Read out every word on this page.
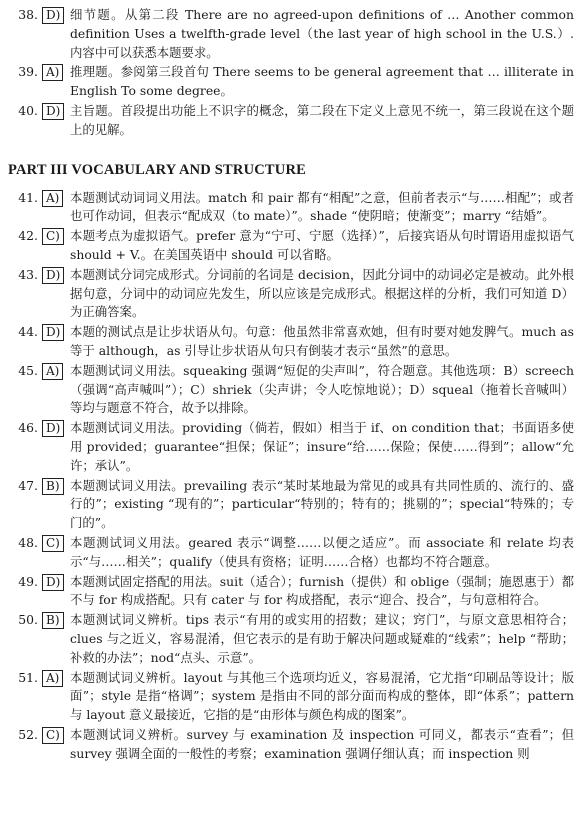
38. D) 细节题。从第二段 There are no agreed-upon definitions of … Another common definition Uses a twelfth-grade level（the last year of high school in the U.S.）.内容中可以获悉本题要求。
39. A) 推理题。参阅第三段首句 There seems to be general agreement that … illiterate in English To some degree。
40. D) 主旨题。首段提出功能上不识字的概念，第二段在下定义上意见不统一，第三段说在这个题上的见解。
PART III VOCABULARY AND STRUCTURE
41. A) 本题测试动词词义用法。match 和 pair 都有“相配”之意，但前者表示“与……相配”；或者也可作动词，但表示“配成双（to mate）”。shade “使阴暗；使渐变”；marry “结婚”。
42. C) 本题考点为虚拟语气。prefer 意为“宁可、宁愿（选择）”，后接宾语从句时谓语用虚拟语气 should + V.。在美国英语中 should 可以省略。
43. D) 本题测试分词完成形式。分词前的名词是 decision，因此分词中的动词必定是被动。此外根据句意，分词中的动词应先发生，所以应该是完成形式。根据这样的分析，我们可知道 D）为正确答案。
44. D) 本题的测试点是让步状语从句。句意：他虽然非常喜欢她，但有时要对她发脾气。much as 等于 although，as 引导让步状语从句只有倒装才表示“虽然”的意思。
45. A) 本题测试词义用法。squeaking 强调“短促的尖声叫”，符合题意。其他选项：B）screech（强调“高声喊叫”）；C）shriek（尖声讲；令人吃惊地说）；D）squeal（拖着长音喊叫）等均与题意不符合，故予以排除。
46. D) 本题测试词义用法。providing（倘若，假如）相当于 if、on condition that；书面语多使用 provided；guarantee“担保；保证”；insure“给……保险；保使……得到”；allow“允许；承认”。
47. B) 本题测试词义用法。prevailing 表示“某时某地最为常见的或具有共同性质的、流行的、盛行的”；existing “现有的”；particular“特别的；特有的；挑剔的”；special“特殊的；专门的”。
48. C) 本题测试词义用法。geared 表示“调整……以便之适应”。而 associate 和 relate 均表示“与……相关”；qualify（使具有资格；证明……合格）也都均不符合题意。
49. D) 本题测试固定搭配的用法。suit（适合）；furnish（提供）和 oblige（强制；施恩惠于）都不与 for 构成搭配。只有 cater 与 for 构成搭配，表示“迎合、投合”，与句意相符合。
50. B) 本题测试词义辨析。tips 表示“有用的或实用的招数；建议；窍门”，与原文意思相符合；clues 与之近义，容易混淆，但它表示的是有助于解决问题或疑难的“线索”；help “帮助；补救的办法”；nod“点头、示意”。
51. A) 本题测试词义辨析。layout 与其他三个选项均近义，容易混淆，它尤指“印刷品等设计；版面”；style 是指“格调”；system 是指由不同的部分面而构成的整体，即“体系”；pattern 与 layout 意义最接近，它指的是“由形体与颜色构成的图案”。
52. C) 本题测试词义辨析。survey 与 examination 及 inspection 可同义，都表示“查看”；但 survey 强调全面的一般性的考察；examination 强调仔细认真；而 inspection 则
